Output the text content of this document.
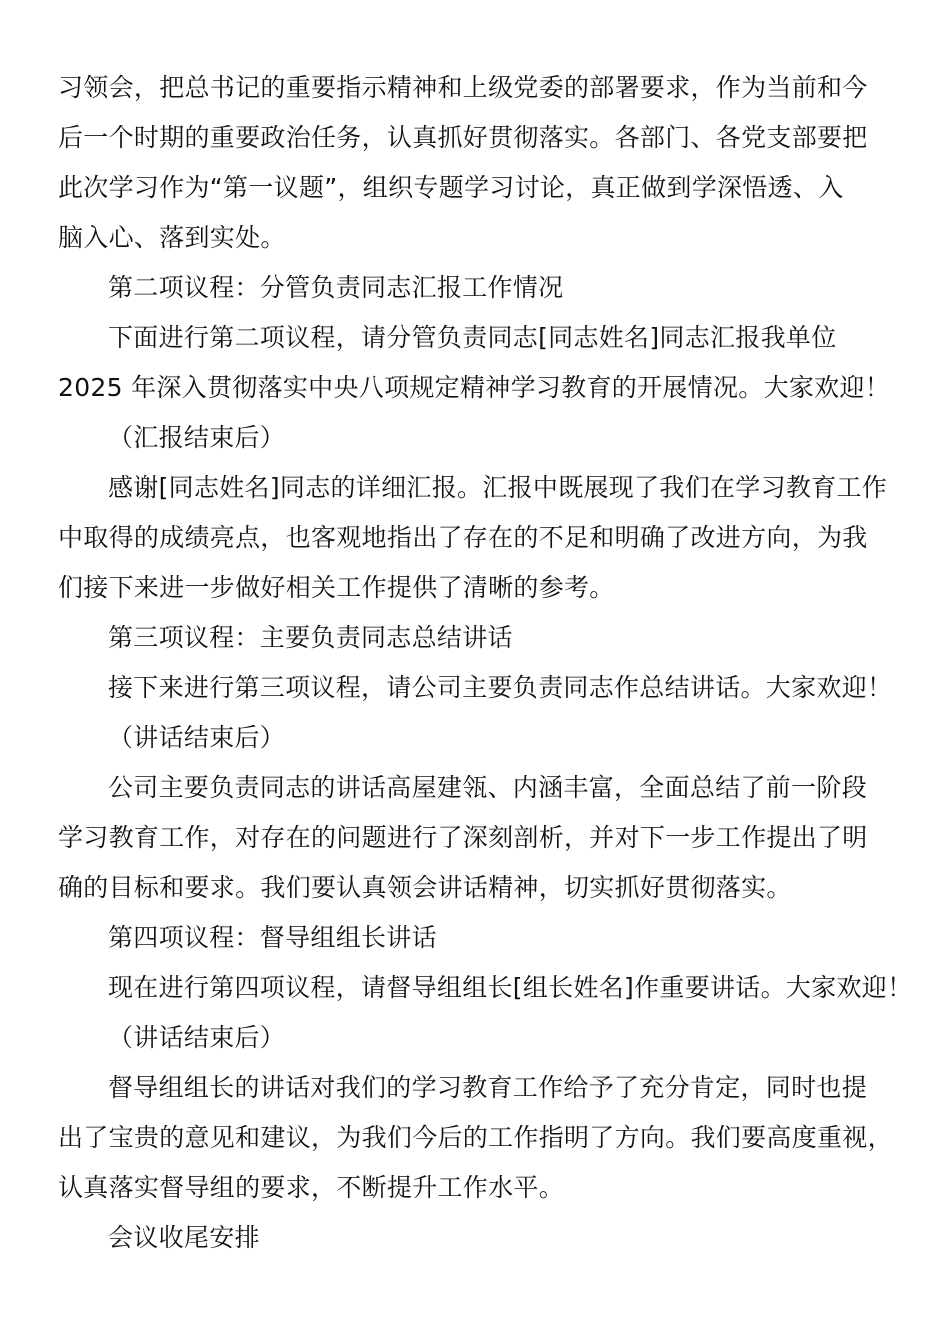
习领会，把总书记的重要指示精神和上级党委的部署要求，作为当前和今
后一个时期的重要政治任务，认真抓好贯彻落实。各部门、各党支部要把
此次学习作为“第一议题”，组织专题学习讨论，真正做到学深悟透、入
脑入心、落到实处。
第二项议程：分管负责同志汇报工作情况
下面进行第二项议程，请分管负责同志[同志姓名]同志汇报我单位
2025 年深入贯彻落实中央八项规定精神学习教育的开展情况。大家欢迎！
（汇报结束后）
感谢[同志姓名]同志的详细汇报。汇报中既展现了我们在学习教育工作
中取得的成绩亮点，也客观地指出了存在的不足和明确了改进方向，为我
们接下来进一步做好相关工作提供了清晰的参考。
第三项议程：主要负责同志总结讲话
接下来进行第三项议程，请公司主要负责同志作总结讲话。大家欢迎！
（讲话结束后）
公司主要负责同志的讲话高屋建瓴、内涵丰富，全面总结了前一阶段
学习教育工作，对存在的问题进行了深刻剖析，并对下一步工作提出了明
确的目标和要求。我们要认真领会讲话精神，切实抓好贯彻落实。
第四项议程：督导组组长讲话
现在进行第四项议程，请督导组组长[组长姓名]作重要讲话。大家欢迎！
（讲话结束后）
督导组组长的讲话对我们的学习教育工作给予了充分肯定，同时也提
出了宝贵的意见和建议，为我们今后的工作指明了方向。我们要高度重视，
认真落实督导组的要求，不断提升工作水平。
会议收尾安排
